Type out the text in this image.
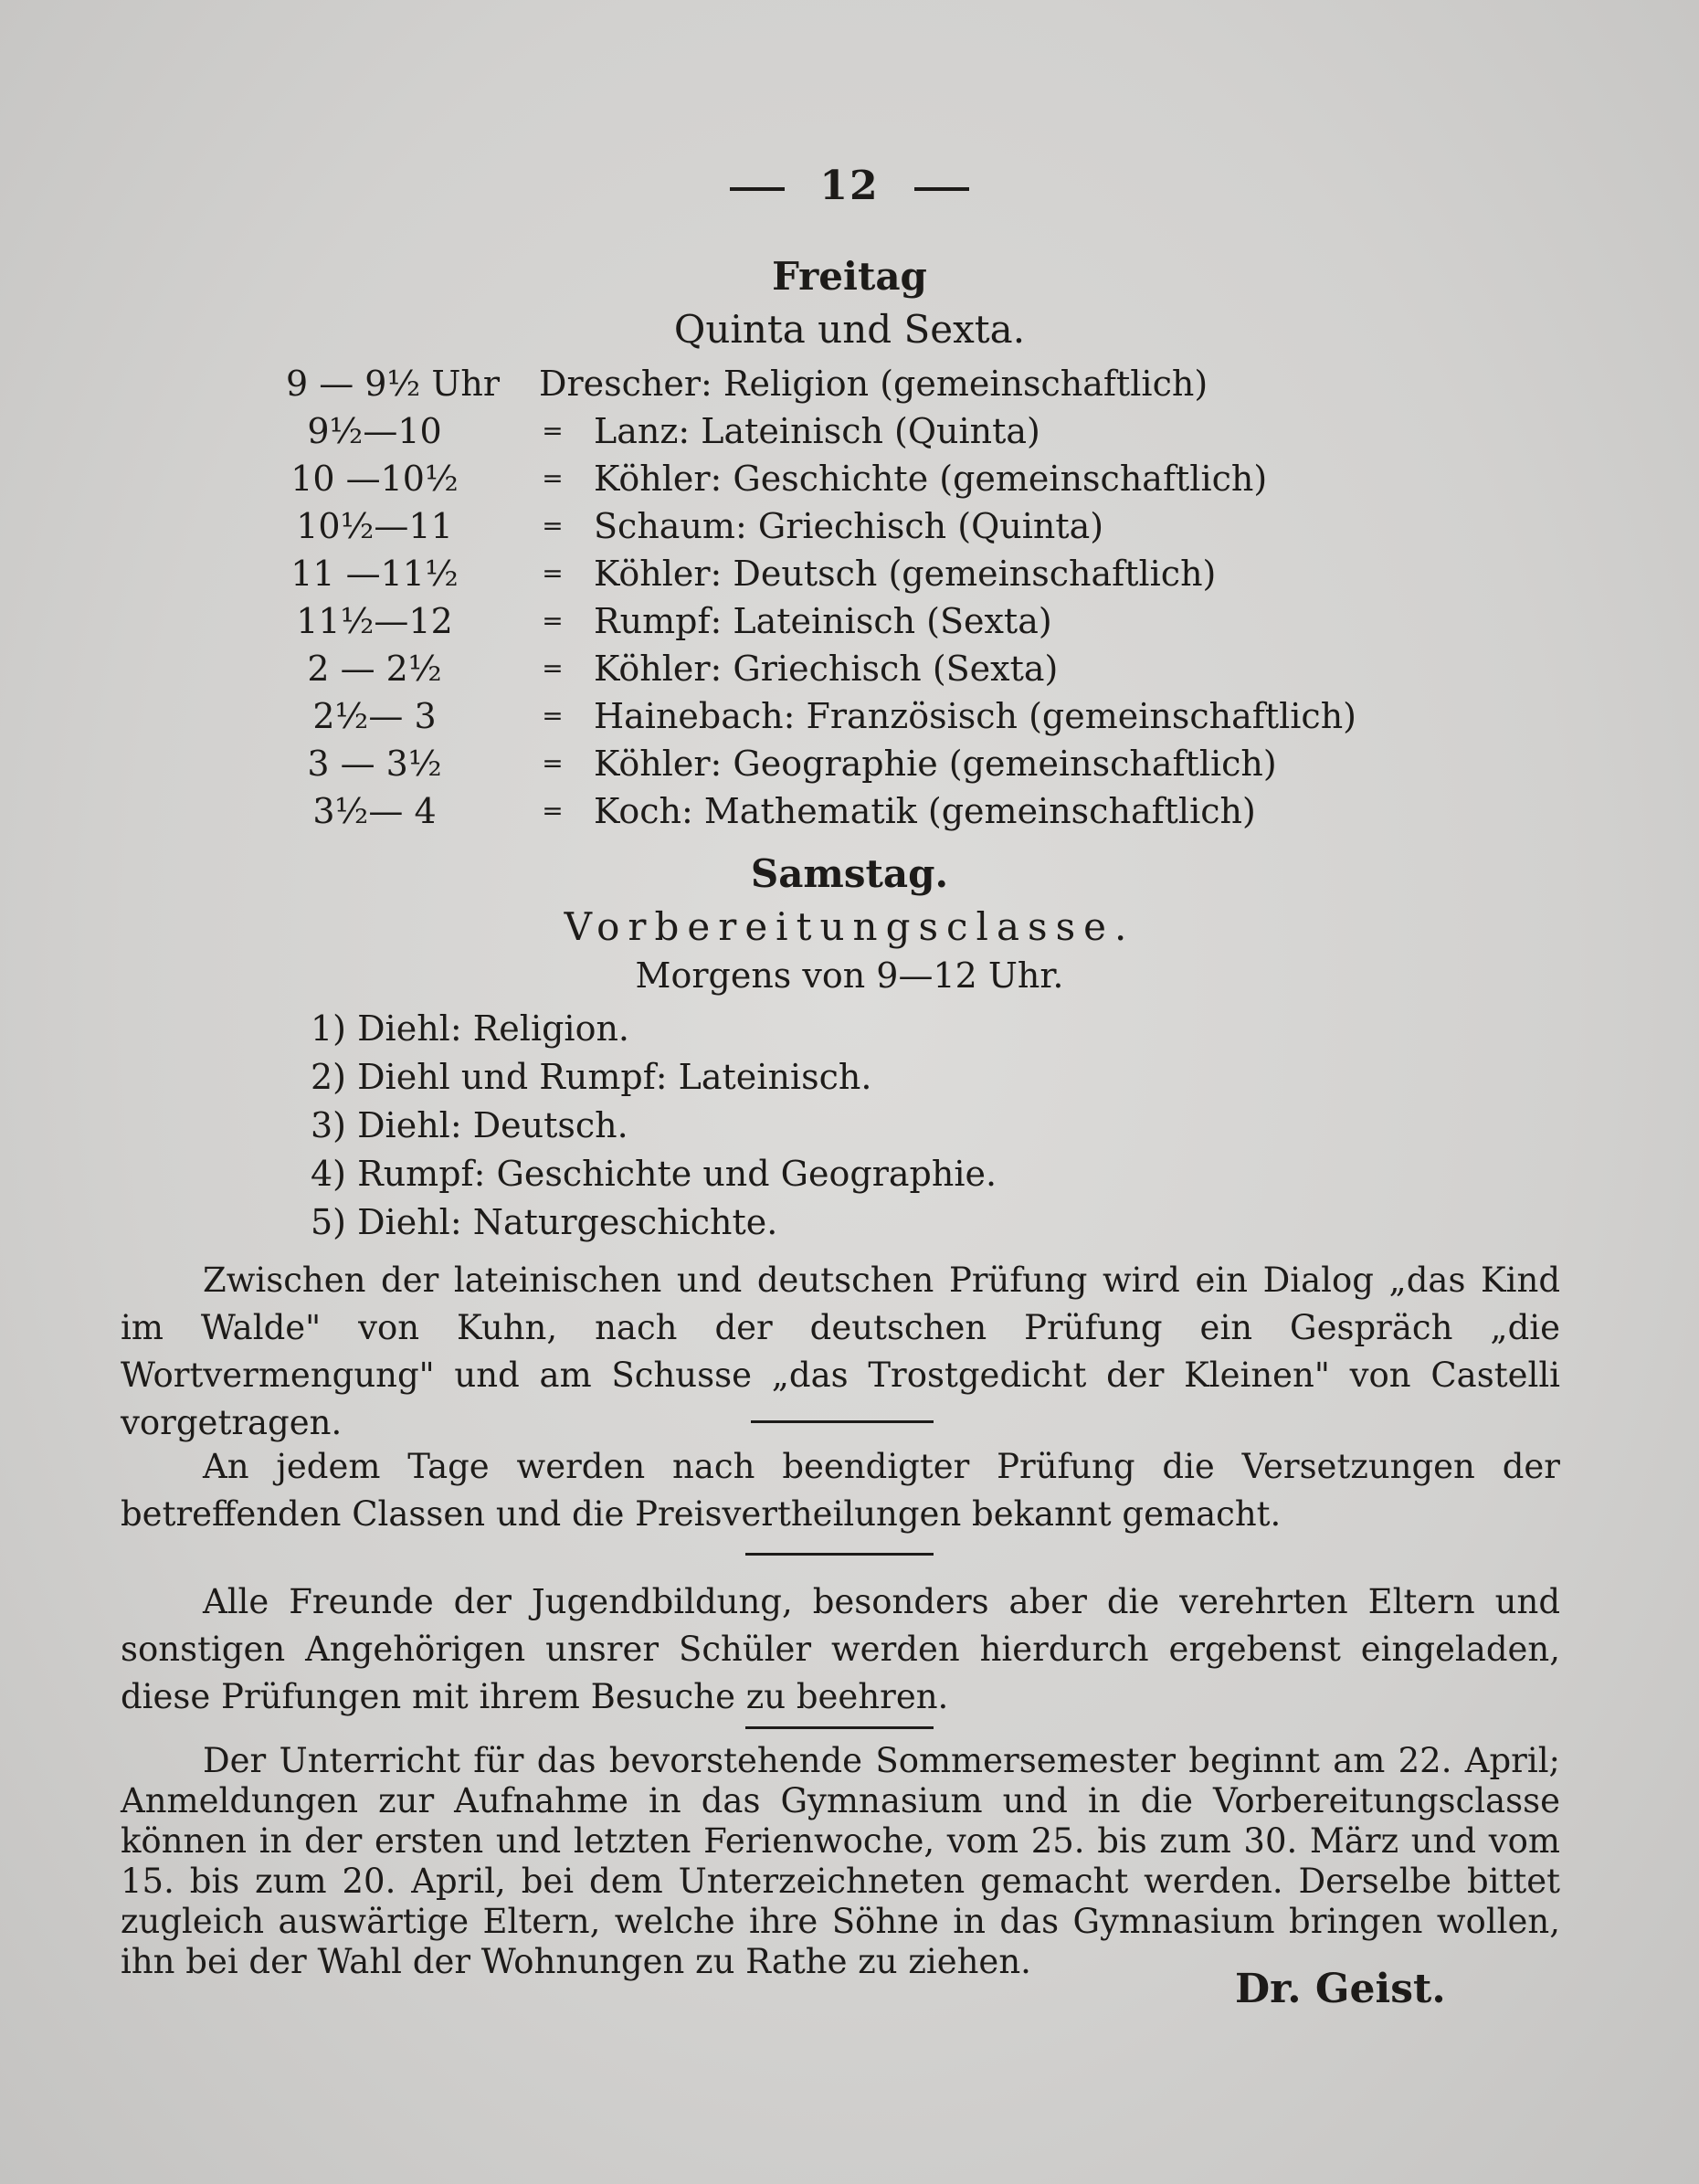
12
Freitag
Quinta und Sexta.
9 — 9½ Uhr	Drescher: Religion (gemeinschaftlich)
9½—10	= Lanz: Lateinisch (Quinta)
10 —10½	= Köhler: Geschichte (gemeinschaftlich)
10½—11	= Schaum: Griechisch (Quinta)
11 —11½	= Köhler: Deutsch (gemeinschaftlich)
11½—12	= Rumpf: Lateinisch (Sexta)
2 — 2½	= Köhler: Griechisch (Sexta)
2½— 3	= Hainebach: Französisch (gemeinschaftlich)
3 — 3½	= Köhler: Geographie (gemeinschaftlich)
3½— 4	= Koch: Mathematik (gemeinschaftlich)
Samstag.
Vorbereitungsclasse.
Morgens von 9—12 Uhr.
1) Diehl: Religion.
2) Diehl und Rumpf: Lateinisch.
3) Diehl: Deutsch.
4) Rumpf: Geschichte und Geographie.
5) Diehl: Naturgeschichte.
Zwischen der lateinischen und deutschen Prüfung wird ein Dialog „das Kind im Walde" von Kuhn, nach der deutschen Prüfung ein Gespräch „die Wortvermengung" und am Schusse „das Trostgedicht der Kleinen" von Castelli vorgetragen.
An jedem Tage werden nach beendigter Prüfung die Versetzungen der betreffenden Classen und die Preisvertheilungen bekannt gemacht.
Alle Freunde der Jugendbildung, besonders aber die verehrten Eltern und sonstigen Angehörigen unsrer Schüler werden hierdurch ergebenst eingeladen, diese Prüfungen mit ihrem Besuche zu beehren.
Der Unterricht für das bevorstehende Sommersemester beginnt am 22. April; Anmeldungen zur Aufnahme in das Gymnasium und in die Vorbereitungsclasse können in der ersten und letzten Ferienwoche, vom 25. bis zum 30. März und vom 15. bis zum 20. April, bei dem Unterzeichneten gemacht werden. Derselbe bittet zugleich auswärtige Eltern, welche ihre Söhne in das Gymnasium bringen wollen, ihn bei der Wahl der Wohnungen zu Rathe zu ziehen.
Dr. Geist.
